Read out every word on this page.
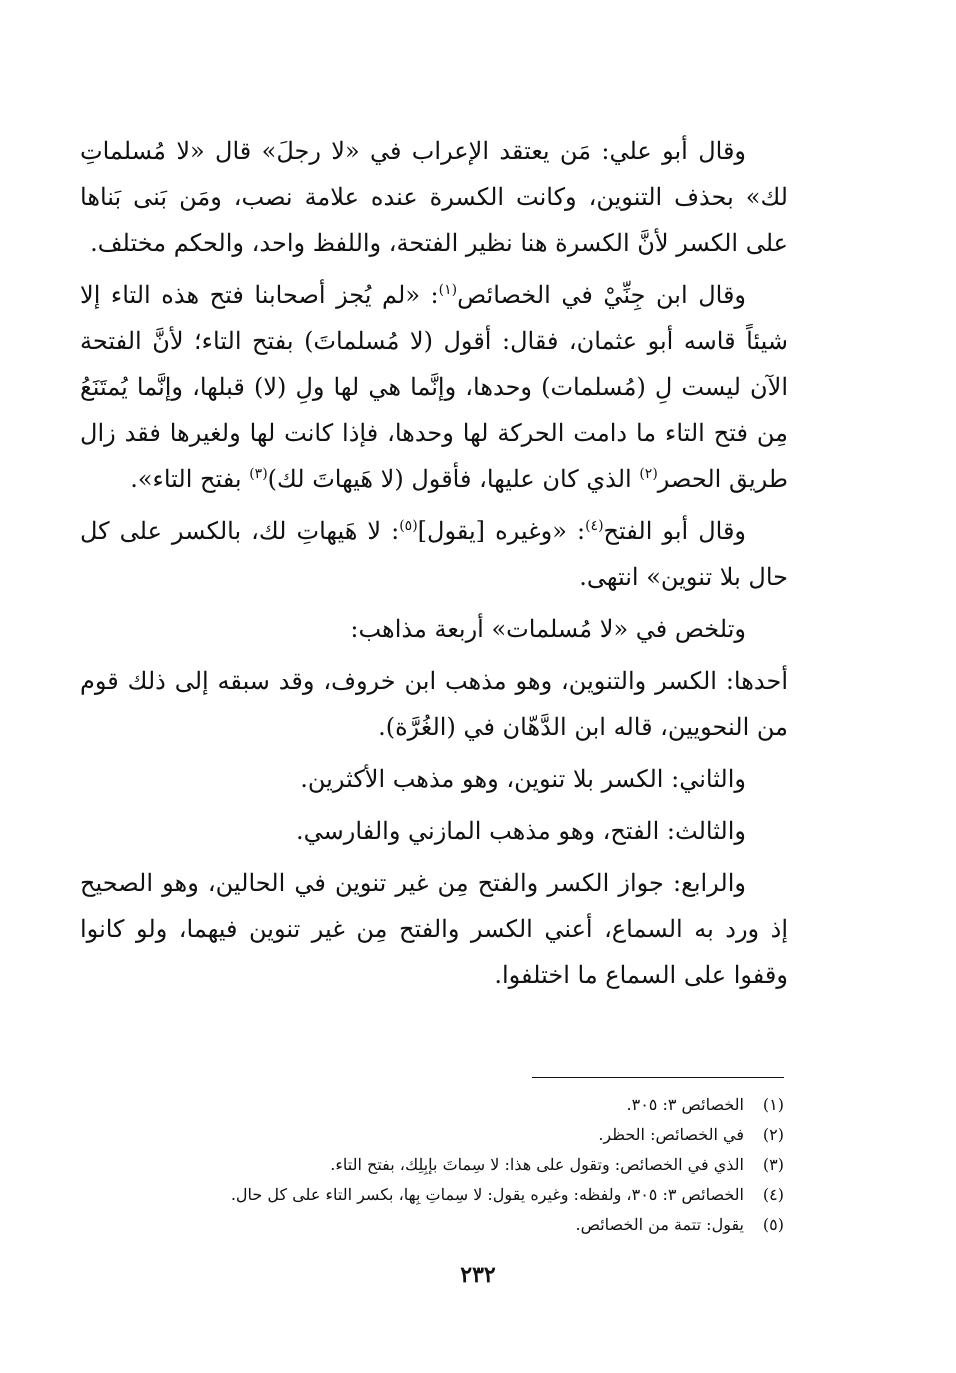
وقال أبو علي: مَن يعتقد الإعراب في «لا رجلَ» قال «لا مُسلماتِ لك» بحذف التنوين، وكانت الكسرة عنده علامة نصب، ومَن بَنى بَناها على الكسر لأنَّ الكسرة هنا نظير الفتحة، واللفظ واحد، والحكم مختلف.

وقال ابن جِنِّيْ في الخصائص$^{(١)}$: «لم يُجز أصحابنا فتح هذه التاء إلا شيئاً قاسه أبو عثمان، فقال: أقول (لا مُسلماتَ) بفتح التاء؛ لأنَّ الفتحة الآن ليست لِ (مُسلمات) وحدها، وإنَّما هي لها ولِ (لا) قبلها، وإنَّما يُمتَنَعُ مِن فتح التاء ما دامت الحركة لها وحدها، فإذا كانت لها ولغيرها فقد زال طريق الحصر$^{(٢)}$ الذي كان عليها، فأقول (لا هَيهاتَ لك)$^{(٣)}$ بفتح التاء».

وقال أبو الفتح$^{(٤)}$: «وغيره [يقول]$^{(٥)}$: لا هَيهاتِ لك، بالكسر على كل حال بلا تنوين» انتهى.

وتلخص في «لا مُسلمات» أربعة مذاهب:

أحدها: الكسر والتنوين، وهو مذهب ابن خروف، وقد سبقه إلى ذلك قوم من النحويين، قاله ابن الدَّهّان في (الغُرَّة).

والثاني: الكسر بلا تنوين، وهو مذهب الأكثرين.

والثالث: الفتح، وهو مذهب المازني والفارسي.

والرابع: جواز الكسر والفتح مِن غير تنوين في الحالين، وهو الصحيح إذ ورد به السماع، أعني الكسر والفتح مِن غير تنوين فيهما، ولو كانوا وقفوا على السماع ما اختلفوا.

(١)الخصائص ٣: ٣٠٥.
(٢)في الخصائص: الحظر.
(٣)الذي في الخصائص: وتقول على هذا: لا سِماتَ بإبِلِك، بفتح التاء.
(٤)الخصائص ٣: ٣٠٥، ولفظه: وغيره يقول: لا سِماتِ بِها، بكسر التاء على كل حال.
(٥)يقول: تتمة من الخصائص.
٢٣٢
